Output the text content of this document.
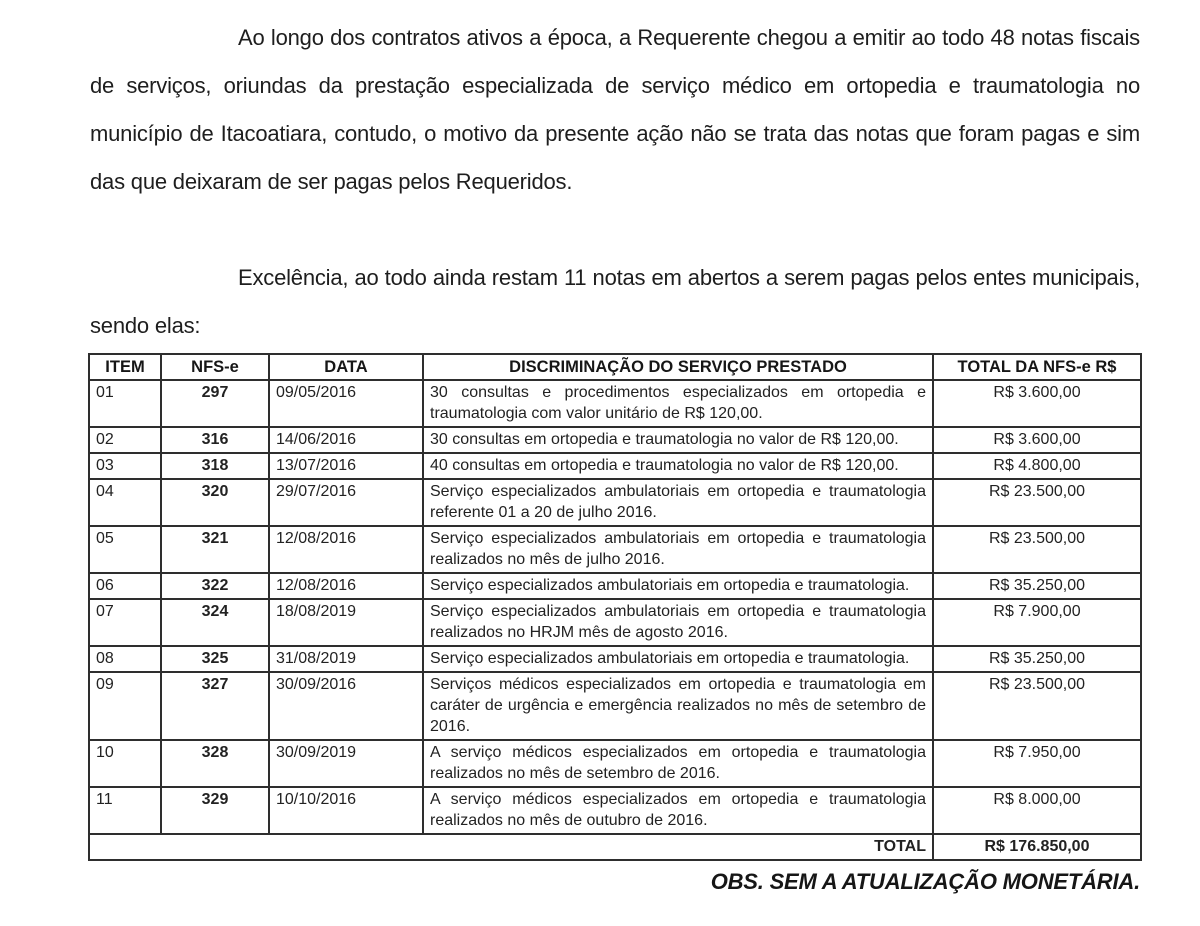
Ao longo dos contratos ativos a época, a Requerente chegou a emitir ao todo 48 notas fiscais de serviços, oriundas da prestação especializada de serviço médico em ortopedia e traumatologia no município de Itacoatiara, contudo, o motivo da presente ação não se trata das notas que foram pagas e sim das que deixaram de ser pagas pelos Requeridos.

Excelência, ao todo ainda restam 11 notas em abertos a serem pagas pelos entes municipais, sendo elas:

ITEM	NFS-e	DATA	DISCRIMINAÇÃO DO SERVIÇO PRESTADO	TOTAL DA NFS-e R$
01	297	09/05/2016	30 consultas e procedimentos especializados em ortopedia e traumatologia com valor unitário de R$ 120,00.	R$ 3.600,00
02	316	14/06/2016	30 consultas em ortopedia e traumatologia no valor de R$ 120,00.	R$ 3.600,00
03	318	13/07/2016	40 consultas em ortopedia e traumatologia no valor de R$ 120,00.	R$ 4.800,00
04	320	29/07/2016	Serviço especializados ambulatoriais em ortopedia e traumatologia referente 01 a 20 de julho 2016.	R$ 23.500,00
05	321	12/08/2016	Serviço especializados ambulatoriais em ortopedia e traumatologia realizados no mês de julho 2016.	R$ 23.500,00
06	322	12/08/2016	Serviço especializados ambulatoriais em ortopedia e traumatologia.	R$ 35.250,00
07	324	18/08/2019	Serviço especializados ambulatoriais em ortopedia e traumatologia realizados no HRJM mês de agosto 2016.	R$ 7.900,00
08	325	31/08/2019	Serviço especializados ambulatoriais em ortopedia e traumatologia.	R$ 35.250,00
09	327	30/09/2016	Serviços médicos especializados em ortopedia e traumatologia em caráter de urgência e emergência realizados no mês de setembro de 2016.	R$ 23.500,00
10	328	30/09/2019	A serviço médicos especializados em ortopedia e traumatologia realizados no mês de setembro de 2016.	R$ 7.950,00
11	329	10/10/2016	A serviço médicos especializados em ortopedia e traumatologia realizados no mês de outubro de 2016.	R$ 8.000,00
TOTAL				R$ 176.850,00
OBS. SEM A ATUALIZAÇÃO MONETÁRIA.
